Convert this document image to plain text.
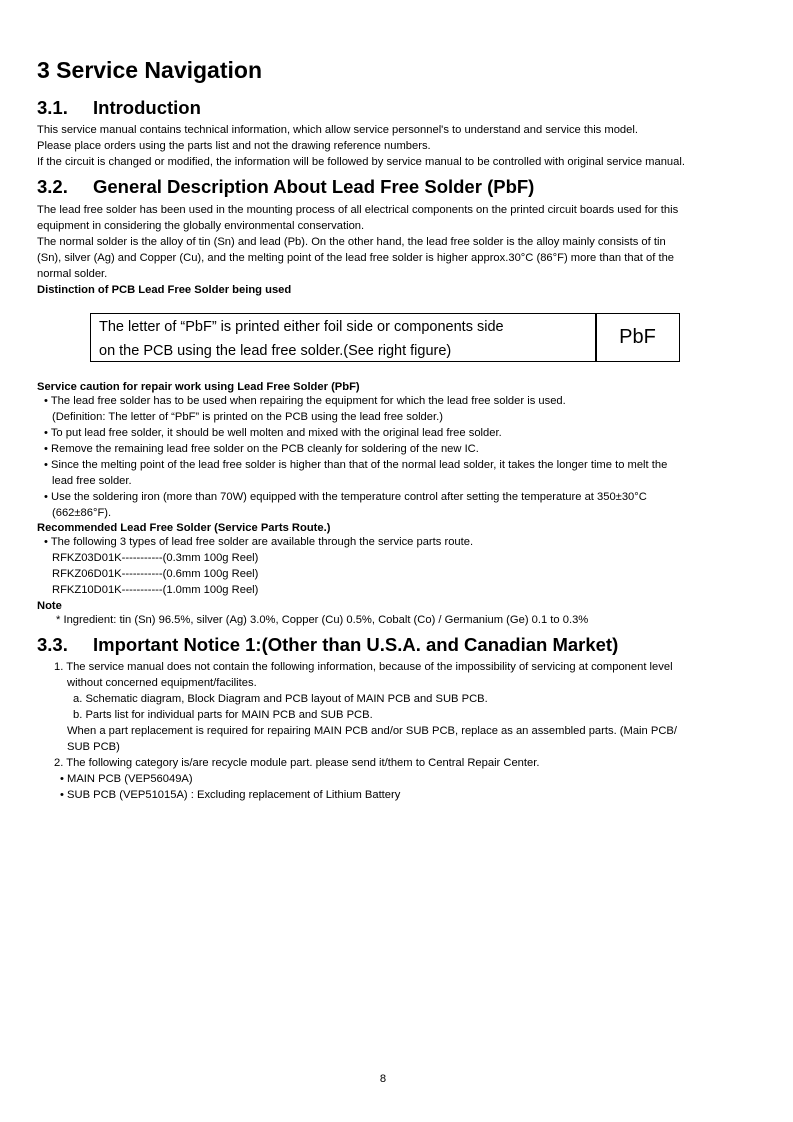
3 Service Navigation
3.1. Introduction
This service manual contains technical information, which allow service personnel's to understand and service this model.
Please place orders using the parts list and not the drawing reference numbers.
If the circuit is changed or modified, the information will be followed by service manual to be controlled with original service manual.
3.2. General Description About Lead Free Solder (PbF)
The lead free solder has been used in the mounting process of all electrical components on the printed circuit boards used for this
equipment in considering the globally environmental conservation.
The normal solder is the alloy of tin (Sn) and lead (Pb). On the other hand, the lead free solder is the alloy mainly consists of tin
(Sn), silver (Ag) and Copper (Cu), and the melting point of the lead free solder is higher approx.30°C (86°F) more than that of the
normal solder.
Distinction of PCB Lead Free Solder being used
The letter of “PbF” is printed either foil side or components side
on the PCB using the lead free solder.(See right figure)
PbF
Service caution for repair work using Lead Free Solder (PbF)
• The lead free solder has to be used when repairing the equipment for which the lead free solder is used.
(Definition: The letter of “PbF” is printed on the PCB using the lead free solder.)
• To put lead free solder, it should be well molten and mixed with the original lead free solder.
• Remove the remaining lead free solder on the PCB cleanly for soldering of the new IC.
• Since the melting point of the lead free solder is higher than that of the normal lead solder, it takes the longer time to melt the
lead free solder.
• Use the soldering iron (more than 70W) equipped with the temperature control after setting the temperature at 350±30°C
(662±86°F).
Recommended Lead Free Solder (Service Parts Route.)
• The following 3 types of lead free solder are available through the service parts route.
RFKZ03D01K-----------(0.3mm 100g Reel)
RFKZ06D01K-----------(0.6mm 100g Reel)
RFKZ10D01K-----------(1.0mm 100g Reel)
Note
* Ingredient: tin (Sn) 96.5%, silver (Ag) 3.0%, Copper (Cu) 0.5%, Cobalt (Co) / Germanium (Ge) 0.1 to 0.3%
3.3. Important Notice 1:(Other than U.S.A. and Canadian Market)
1. The service manual does not contain the following information, because of the impossibility of servicing at component level
without concerned equipment/facilites.
a. Schematic diagram, Block Diagram and PCB layout of MAIN PCB and SUB PCB.
b. Parts list for individual parts for MAIN PCB and SUB PCB.
When a part replacement is required for repairing MAIN PCB and/or SUB PCB, replace as an assembled parts. (Main PCB/
SUB PCB)
2. The following category is/are recycle module part. please send it/them to Central Repair Center.
• MAIN PCB (VEP56049A)
• SUB PCB (VEP51015A) : Excluding replacement of Lithium Battery
8
